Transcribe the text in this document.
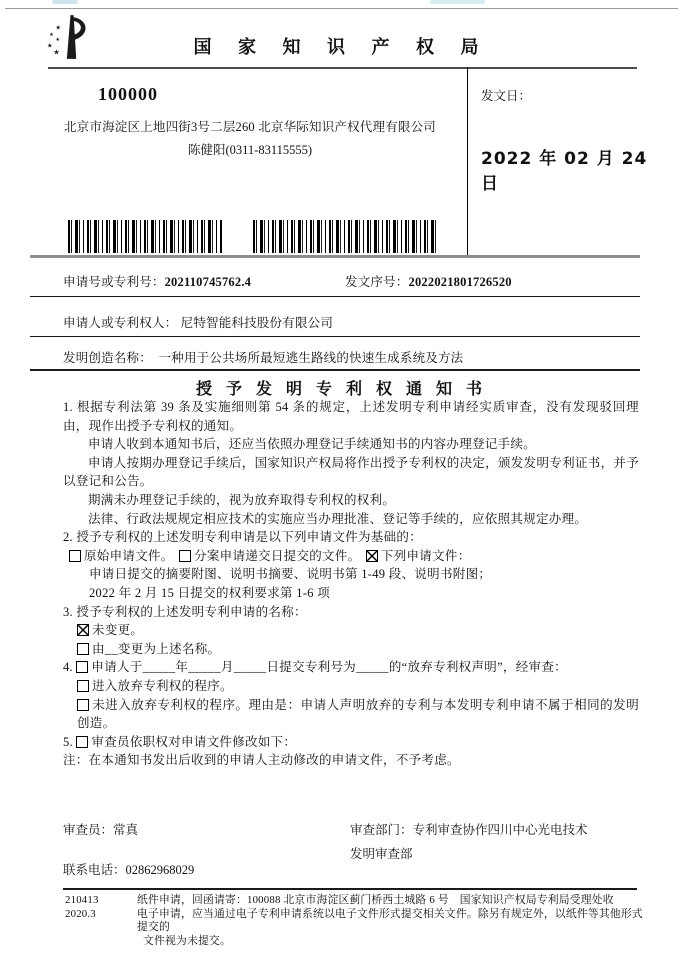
★
★
★
★
★	国 家 知 识 产 权 局
100000
北京市海淀区上地四街3号二层260 北京华际知识产权代理有限公司
陈健阳(0311-83115555)
发文日：
2022 年 02 月 24 日
申请号或专利号：202110745762.4	发文序号：2022021801726520
申请人或专利权人： 尼特智能科技股份有限公司
发明创造名称： 一种用于公共场所最短逃生路线的快速生成系统及方法
授 予 发 明 专 利 权 通 知 书

1. 根据专利法第 39 条及实施细则第 54 条的规定，上述发明专利申请经实质审查，没有发现驳回理由，现作出授予专利权的通知。

申请人收到本通知书后，还应当依照办理登记手续通知书的内容办理登记手续。

申请人按期办理登记手续后，国家知识产权局将作出授予专利权的决定，颁发发明专利证书，并予以登记和公告。

期满未办理登记手续的，视为放弃取得专利权的权利。

法律、行政法规规定相应技术的实施应当办理批准、登记等手续的，应依照其规定办理。

2. 授予专利权的上述发明专利申请是以下列申请文件为基础的：

原始申请文件。 分案申请递交日提交的文件。 下列申请文件：

申请日提交的摘要附图、说明书摘要、说明书第 1-49 段、说明书附图；

2022 年 2 月 15 日提交的权利要求第 1-6 项

3. 授予专利权的上述发明专利申请的名称：

未变更。

由__变更为上述名称。

4. 申请人于_____年_____月_____日提交专利号为_____的“放弃专利权声明”，经审查：

进入放弃专利权的程序。

未进入放弃专利权的程序。理由是：申请人声明放弃的专利与本发明专利申请不属于相同的发明创造。

5. 审查员依职权对申请文件修改如下：

注：在本通知书发出后收到的申请人主动修改的申请文件，不予考虑。

审查员：常真	审查部门：专利审查协作四川中心光电技术
发明审查部
联系电话：02862968029
210413	纸件申请，回函请寄：100088 北京市海淀区蓟门桥西土城路 6 号　国家知识产权局专利局受理处收
2020.3	电子申请，应当通过电子专利申请系统以电子文件形式提交相关文件。除另有规定外，以纸件等其他形式提交的
文件视为未提交。
